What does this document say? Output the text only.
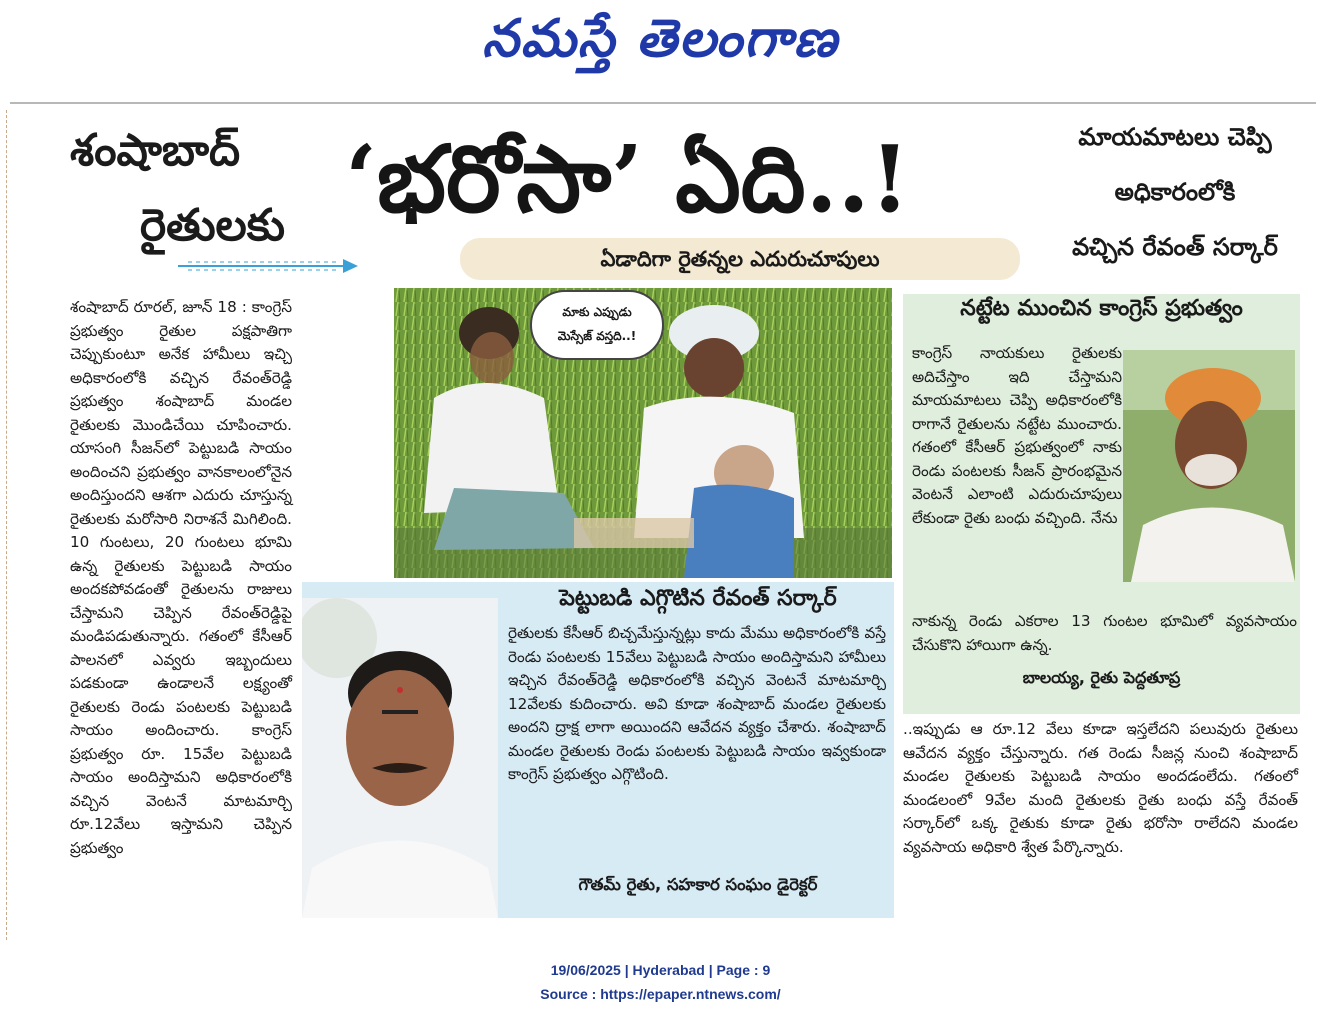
నమస్తే తెలంగాణ
శంషాబాద్
రైతులకు ‘భరోసా’ ఏది..!
ఏడాదిగా రైతన్నల ఎదురుచూపులు
మాయమాటలు చెప్పి
అధికారంలోకి
వచ్చిన రేవంత్ సర్కార్
శంషాబాద్ రూరల్, జూన్ 18 : కాంగ్రెస్ ప్రభుత్వం రైతుల పక్షపాతిగా చెప్పుకుంటూ అనేక హామీలు ఇచ్చి అధికారంలోకి వచ్చిన రేవంత్‌రెడ్డి ప్రభుత్వం శంషాబాద్ మండల రైతులకు మొండిచేయి చూపించారు. యాసంగి సీజన్‌లో పెట్టుబడి సాయం అందించని ప్రభుత్వం వానకాలంలోనైన అందిస్తుందని ఆశగా ఎదురు చూస్తున్న రైతులకు మరోసారి నిరాశనే మిగిలింది. 10 గుంటలు, 20 గుంటలు భూమి ఉన్న రైతులకు పెట్టుబడి సాయం అందకపోవడంతో రైతులను రాజులు చేస్తామని చెప్పిన రేవంత్‌రెడ్డిపై మండిపడుతున్నారు. గతంలో కేసీఆర్ పాలనలో ఎవ్వరు ఇబ్బందులు పడకుండా ఉండాలనే లక్ష్యంతో రైతులకు రెండు పంటలకు పెట్టుబడి సాయం అందించారు. కాంగ్రెస్ ప్రభుత్వం రూ. 15వేల పెట్టుబడి సాయం అందిస్తామని అధికారంలోకి వచ్చిన వెంటనే మాటమార్చి రూ.12వేలు ఇస్తామని చెప్పిన ప్రభుత్వం
మాకు ఎప్పుడు
మెస్సేజ్ వస్తది..!
నట్టేట ముంచిన కాంగ్రెస్ ప్రభుత్వం
కాంగ్రెస్ నాయకులు రైతులకు అదిచేస్తాం ఇది చేస్తామని మాయమాటలు చెప్పి అధికారంలోకి రాగానే రైతులను నట్టేట ముంచారు. గతంలో కేసీఆర్ ప్రభుత్వంలో నాకు రెండు పంటలకు సీజన్ ప్రారంభమైన వెంటనే ఎలాంటి ఎదురుచూపులు లేకుండా రైతు బంధు వచ్చింది. నేను
నాకున్న రెండు ఎకరాల 13 గుంటల భూమిలో వ్యవసాయం చేసుకొని హాయిగా ఉన్న.
బాలయ్య, రైతు పెద్దతూప్ర
పెట్టుబడి ఎగ్గొటిన రేవంత్ సర్కార్
రైతులకు కేసీఆర్ బిచ్చమేస్తున్నట్లు కాదు మేము అధికారంలోకి వస్తే రెండు పంటలకు 15వేలు పెట్టుబడి సాయం అందిస్తామని హామీలు ఇచ్చిన రేవంత్‌రెడ్డి అధికారంలోకి వచ్చిన వెంటనే మాటమార్చి 12వేలకు కుదించారు. అవి కూడా శంషాబాద్ మండల రైతులకు అందని ద్రాక్ష లాగా అయిందని ఆవేదన వ్యక్తం చేశారు. శంషాబాద్ మండల రైతులకు రెండు పంటలకు పెట్టుబడి సాయం ఇవ్వకుండా కాంగ్రెస్ ప్రభుత్వం ఎగ్గొటింది.
గౌతమ్ రైతు, సహకార సంఘం డైరెక్టర్
..ఇప్పుడు ఆ రూ.12 వేలు కూడా ఇస్తలేదని పలువురు రైతులు ఆవేదన వ్యక్తం చేస్తున్నారు. గత రెండు సీజన్ల నుంచి శంషాబాద్ మండల రైతులకు పెట్టుబడి సాయం అందడంలేదు. గతంలో మండలంలో 9వేల మంది రైతులకు రైతు బంధు వస్తే రేవంత్ సర్కార్‌లో ఒక్క రైతుకు కూడా రైతు భరోసా రాలేదని మండల వ్యవసాయ అధికారి శ్వేత పేర్కొన్నారు.
19/06/2025 | Hyderabad | Page : 9
Source : https://epaper.ntnews.com/
